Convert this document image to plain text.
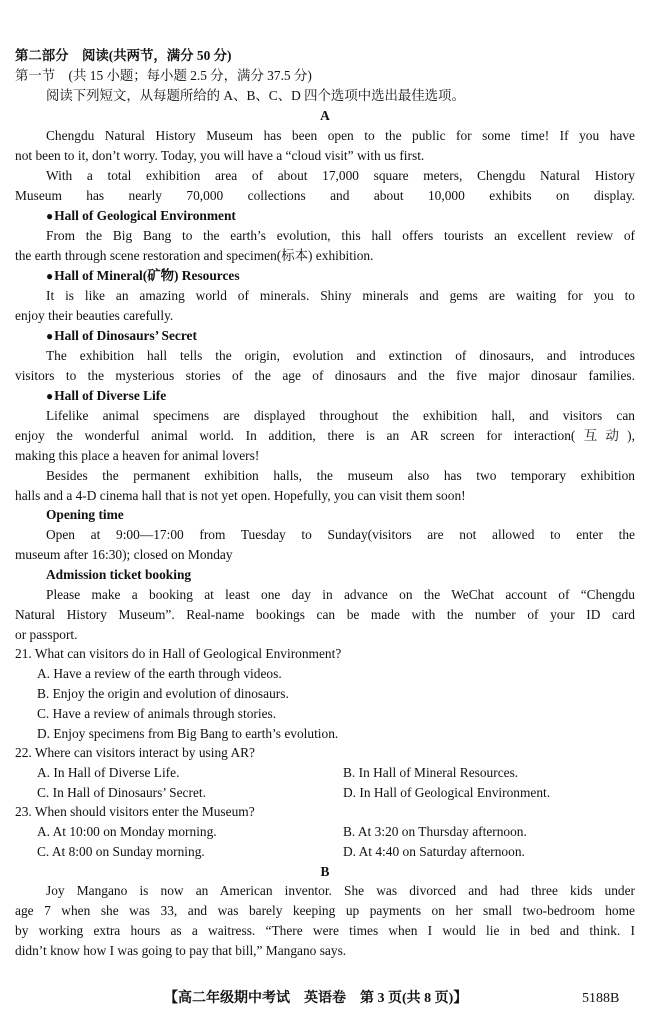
第二部分　阅读(共两节，满分 50 分)
第一节　(共 15 小题；每小题 2.5 分，满分 37.5 分)
阅读下列短文，从每题所给的 A、B、C、D 四个选项中选出最佳选项。
A
Chengdu Natural History Museum has been open to the public for some time! If you have
not been to it, don’t worry. Today, you will have a “cloud visit” with us first.
With a total exhibition area of about 17,000 square meters, Chengdu Natural History
Museum has nearly 70,000 collections and about 10,000 exhibits on display.
●Hall of Geological Environment
From the Big Bang to the earth’s evolution, this hall offers tourists an excellent review of
the earth through scene restoration and specimen(标本) exhibition.
●Hall of Mineral(矿物) Resources
It is like an amazing world of minerals. Shiny minerals and gems are waiting for you to
enjoy their beauties carefully.
●Hall of Dinosaurs’ Secret
The exhibition hall tells the origin, evolution and extinction of dinosaurs, and introduces
visitors to the mysterious stories of the age of dinosaurs and the five major dinosaur families.
●Hall of Diverse Life
Lifelike animal specimens are displayed throughout the exhibition hall, and visitors can
enjoy the wonderful animal world. In addition, there is an AR screen for interaction(互动),
making this place a heaven for animal lovers!
Besides the permanent exhibition halls, the museum also has two temporary exhibition
halls and a 4-D cinema hall that is not yet open. Hopefully, you can visit them soon!
Opening time
Open at 9:00—17:00 from Tuesday to Sunday(visitors are not allowed to enter the
museum after 16:30); closed on Monday
Admission ticket booking
Please make a booking at least one day in advance on the WeChat account of “Chengdu
Natural History Museum”. Real-name bookings can be made with the number of your ID card
or passport.
21. What can visitors do in Hall of Geological Environment?
A. Have a review of the earth through videos.
B. Enjoy the origin and evolution of dinosaurs.
C. Have a review of animals through stories.
D. Enjoy specimens from Big Bang to earth’s evolution.
22. Where can visitors interact by using AR?
A. In Hall of Diverse Life.	B. In Hall of Mineral Resources.
C. In Hall of Dinosaurs’ Secret.	D. In Hall of Geological Environment.
23. When should visitors enter the Museum?
A. At 10:00 on Monday morning.	B. At 3:20 on Thursday afternoon.
C. At 8:00 on Sunday morning.	D. At 4:40 on Saturday afternoon.
B
Joy Mangano is now an American inventor. She was divorced and had three kids under
age 7 when she was 33, and was barely keeping up payments on her small two-bedroom home
by working extra hours as a waitress. “There were times when I would lie in bed and think. I
didn’t know how I was going to pay that bill,” Mangano says.
【高二年级期中考试　英语卷　第 3 页(共 8 页)】	5188B
